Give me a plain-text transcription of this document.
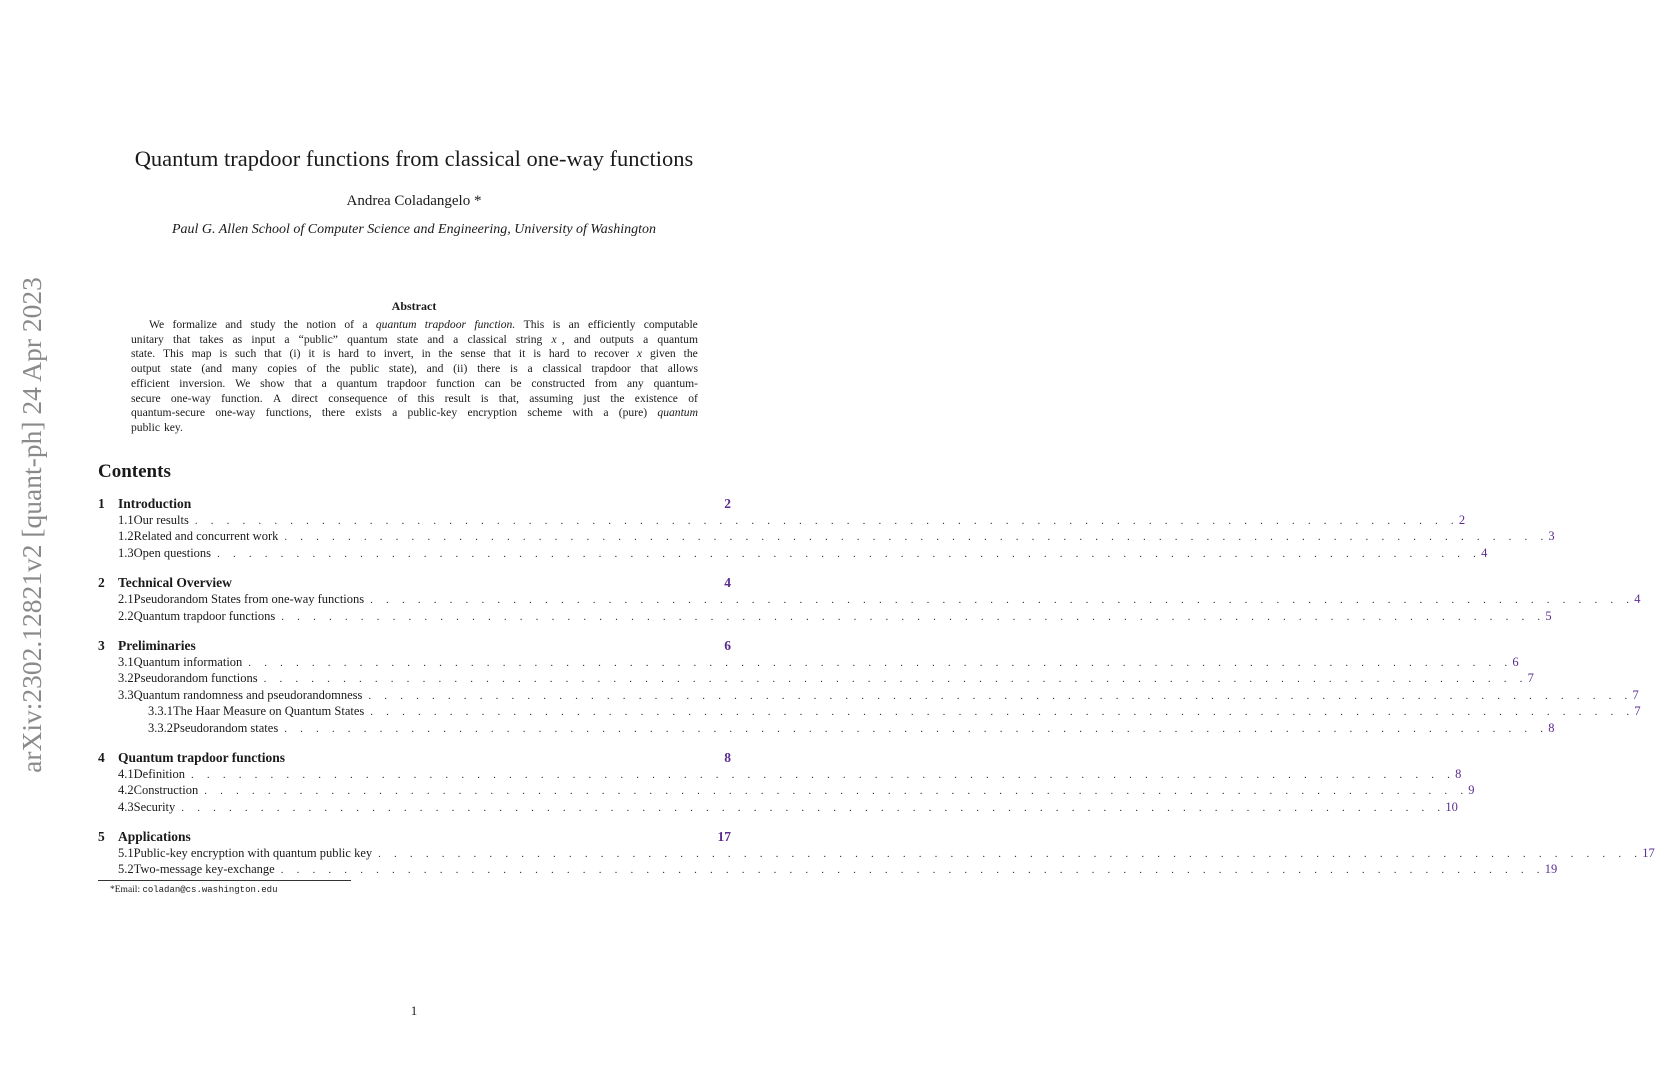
arXiv:2302.12821v2 [quant-ph] 24 Apr 2023
Quantum trapdoor functions from classical one-way functions
Andrea Coladangelo *
Paul G. Allen School of Computer Science and Engineering, University of Washington
Abstract
We formalize and study the notion of a quantum trapdoor function. This is an efficiently computable
unitary that takes as input a “public” quantum state and a classical string x , and outputs a quantum
state. This map is such that (i) it is hard to invert, in the sense that it is hard to recover x given the
output state (and many copies of the public state), and (ii) there is a classical trapdoor that allows
efficient inversion. We show that a quantum trapdoor function can be constructed from any quantum-
secure one-way function. A direct consequence of this result is that, assuming just the existence of
quantum-secure one-way functions, there exists a public-key encryption scheme with a (pure) quantum
public key.
Contents
1 Introduction	2
1.1 Our results . . . . . . . . . . . . . . . . . . . . . . . . . . . . . . . . . . . . . . . . . . . . . . . . . . . . . . . . . . . . . . . . . . . . . . . . . . . . . . . . 2
1.2 Related and concurrent work . . . . . . . . . . . . . . . . . . . . . . . . . . . . . . . . . . . . . . . . . . . . . . . . . . . . . . . . . . . . . . . . . . . . . . . . . . . . . . . . 3
1.3 Open questions . . . . . . . . . . . . . . . . . . . . . . . . . . . . . . . . . . . . . . . . . . . . . . . . . . . . . . . . . . . . . . . . . . . . . . . . . . . . . . . . 4
2 Technical Overview	4
2.1 Pseudorandom States from one-way functions . . . . . . . . . . . . . . . . . . . . . . . . . . . . . . . . . . . . . . . . . . . . . . . . . . . . . . . . . . . . . . . . . . . . . . . . . . . . . . . . 4
2.2 Quantum trapdoor functions . . . . . . . . . . . . . . . . . . . . . . . . . . . . . . . . . . . . . . . . . . . . . . . . . . . . . . . . . . . . . . . . . . . . . . . . . . . . . . . . 5
3 Preliminaries	6
3.1 Quantum information . . . . . . . . . . . . . . . . . . . . . . . . . . . . . . . . . . . . . . . . . . . . . . . . . . . . . . . . . . . . . . . . . . . . . . . . . . . . . . . . 6
3.2 Pseudorandom functions . . . . . . . . . . . . . . . . . . . . . . . . . . . . . . . . . . . . . . . . . . . . . . . . . . . . . . . . . . . . . . . . . . . . . . . . . . . . . . . . 7
3.3 Quantum randomness and pseudorandomness . . . . . . . . . . . . . . . . . . . . . . . . . . . . . . . . . . . . . . . . . . . . . . . . . . . . . . . . . . . . . . . . . . . . . . . . . . . . . . . . 7
3.3.1 The Haar Measure on Quantum States . . . . . . . . . . . . . . . . . . . . . . . . . . . . . . . . . . . . . . . . . . . . . . . . . . . . . . . . . . . . . . . . . . . . . . . . . . . . . . . . 7
3.3.2 Pseudorandom states . . . . . . . . . . . . . . . . . . . . . . . . . . . . . . . . . . . . . . . . . . . . . . . . . . . . . . . . . . . . . . . . . . . . . . . . . . . . . . . . 8
4 Quantum trapdoor functions	8
4.1 Definition . . . . . . . . . . . . . . . . . . . . . . . . . . . . . . . . . . . . . . . . . . . . . . . . . . . . . . . . . . . . . . . . . . . . . . . . . . . . . . . . 8
4.2 Construction . . . . . . . . . . . . . . . . . . . . . . . . . . . . . . . . . . . . . . . . . . . . . . . . . . . . . . . . . . . . . . . . . . . . . . . . . . . . . . . . 9
4.3 Security . . . . . . . . . . . . . . . . . . . . . . . . . . . . . . . . . . . . . . . . . . . . . . . . . . . . . . . . . . . . . . . . . . . . . . . . . . . . . . . . 10
5 Applications	17
5.1 Public-key encryption with quantum public key . . . . . . . . . . . . . . . . . . . . . . . . . . . . . . . . . . . . . . . . . . . . . . . . . . . . . . . . . . . . . . . . . . . . . . . . . . . . . . . . 17
5.2 Two-message key-exchange . . . . . . . . . . . . . . . . . . . . . . . . . . . . . . . . . . . . . . . . . . . . . . . . . . . . . . . . . . . . . . . . . . . . . . . . . . . . . . . . 19
*Email: coladan@cs.washington.edu
1
